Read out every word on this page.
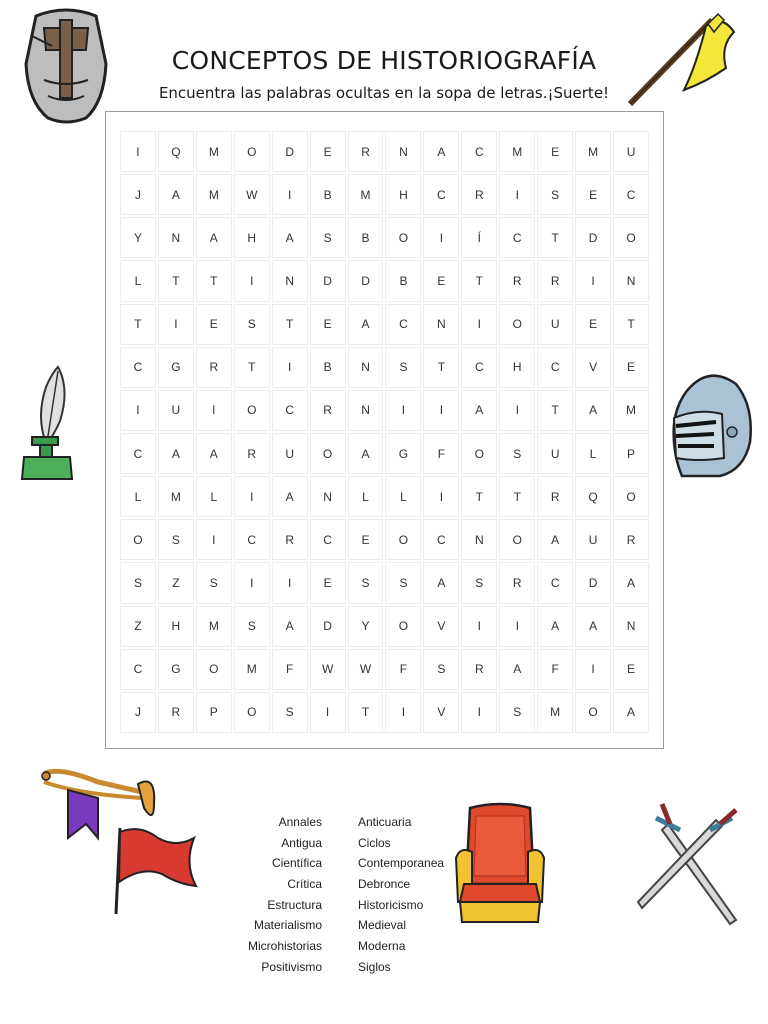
CONCEPTOS DE HISTORIOGRAFÍA
Encuentra las palabras ocultas en la sopa de letras.¡Suerte!
I	Q	M	O	D	E	R	N	A	C	M	E	M	U
J	A	M	W	I	B	M	H	C	R	I	S	E	C
Y	N	A	H	A	S	B	O	I	Í	C	T	D	O
L	T	T	I	N	D	D	B	E	T	R	R	I	N
T	I	E	S	T	E	A	C	N	I	O	U	E	T
C	G	R	T	I	B	N	S	T	C	H	C	V	E
I	U	I	O	C	R	N	I	I	A	I	T	A	M
C	A	A	R	U	O	A	G	F	O	S	U	L	P
L	M	L	I	A	N	L	L	I	T	T	R	Q	O
O	S	I	C	R	C	E	O	C	N	O	A	U	R
S	Z	S	I	I	E	S	S	A	S	R	C	D	A
Z	H	M	S	A	D	Y	O	V	I	I	A	A	N
C	G	O	M	F	W	W	F	S	R	A	F	I	E
J	R	P	O	S	I	T	I	V	I	S	M	O	A
Annales
Antigua
Científica
Crítica
Estructura
Materialismo
Microhistorias
Positivismo
Anticuaria
Ciclos
Contemporanea
Debronce
Historicismo
Medieval
Moderna
Siglos
